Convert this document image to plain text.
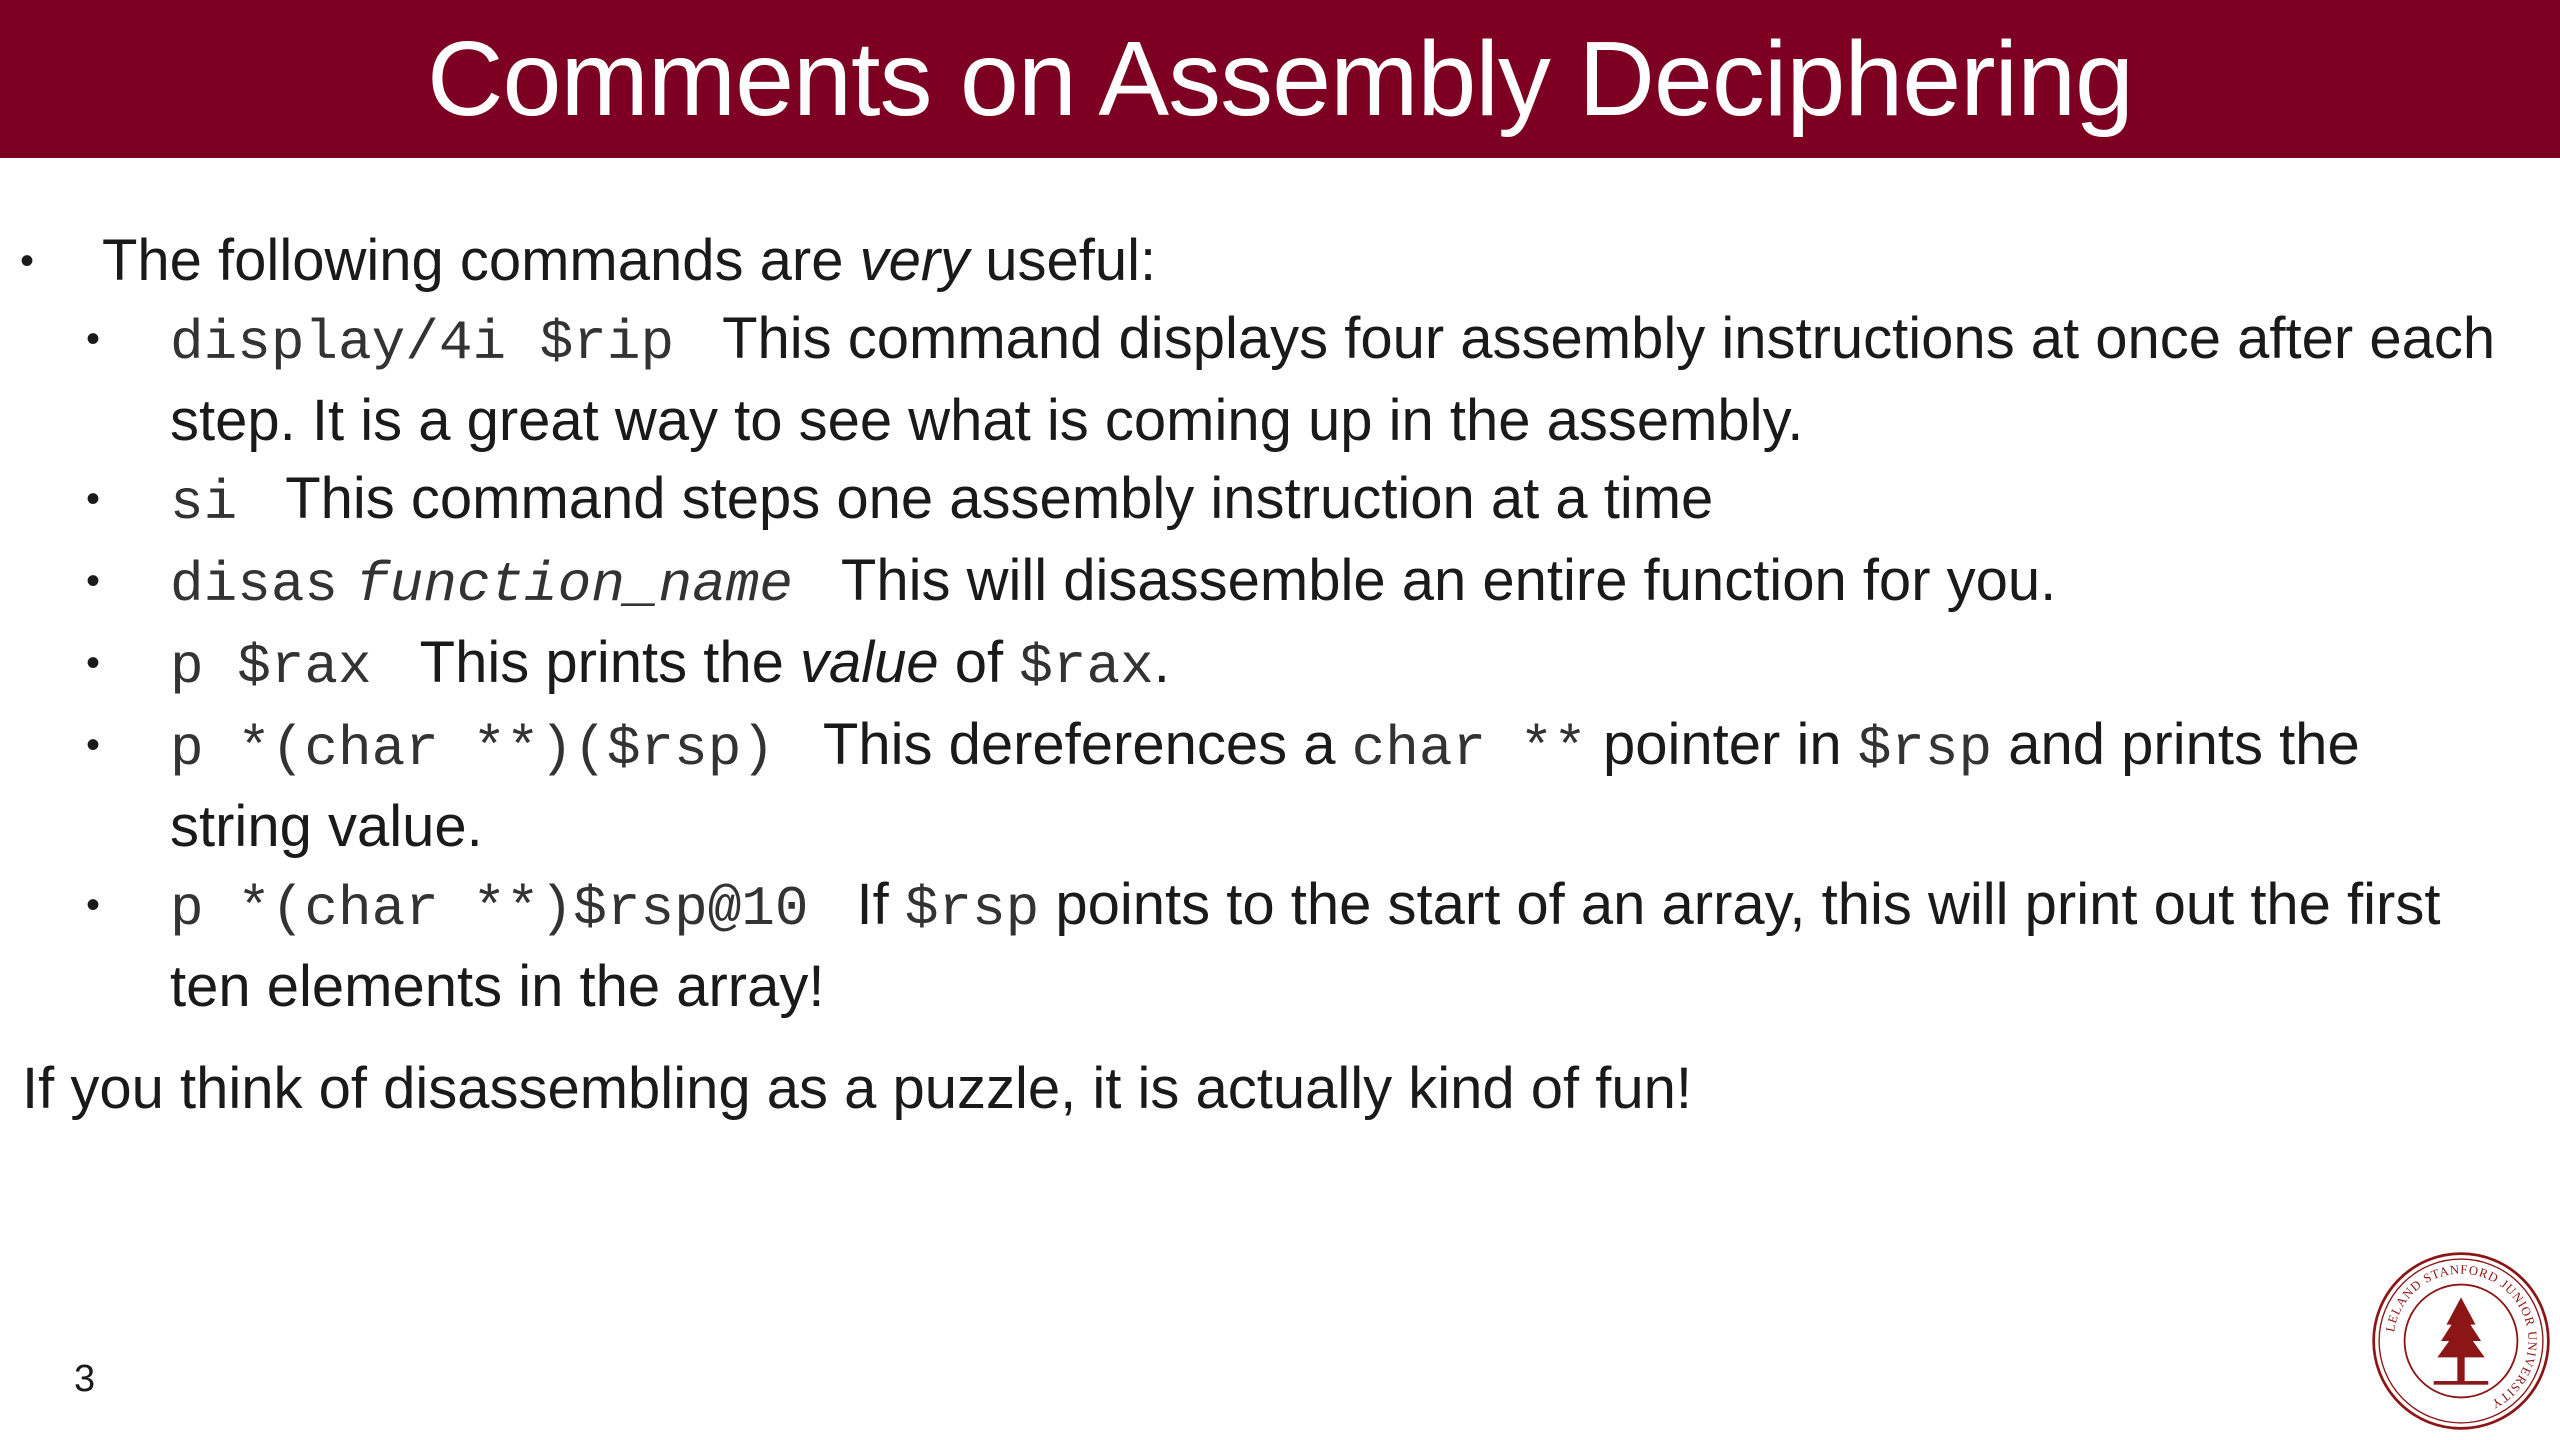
Comments on Assembly Deciphering
• The following commands are very useful:
• display/4i $rip This command displays four assembly instructions at once after each step. It is a great way to see what is coming up in the assembly.
• si This command steps one assembly instruction at a time
• disas function_name This will disassemble an entire function for you.
• p $rax This prints the value of $rax.
• p *(char **)($rsp) This dereferences a char ** pointer in $rsp and prints the string value.
• p *(char **)$rsp@10 If $rsp points to the start of an array, this will print out the first ten elements in the array!
If you think of disassembling as a puzzle, it is actually kind of fun!
3
LELAND STANFORD JUNIOR UNIVERSITY
